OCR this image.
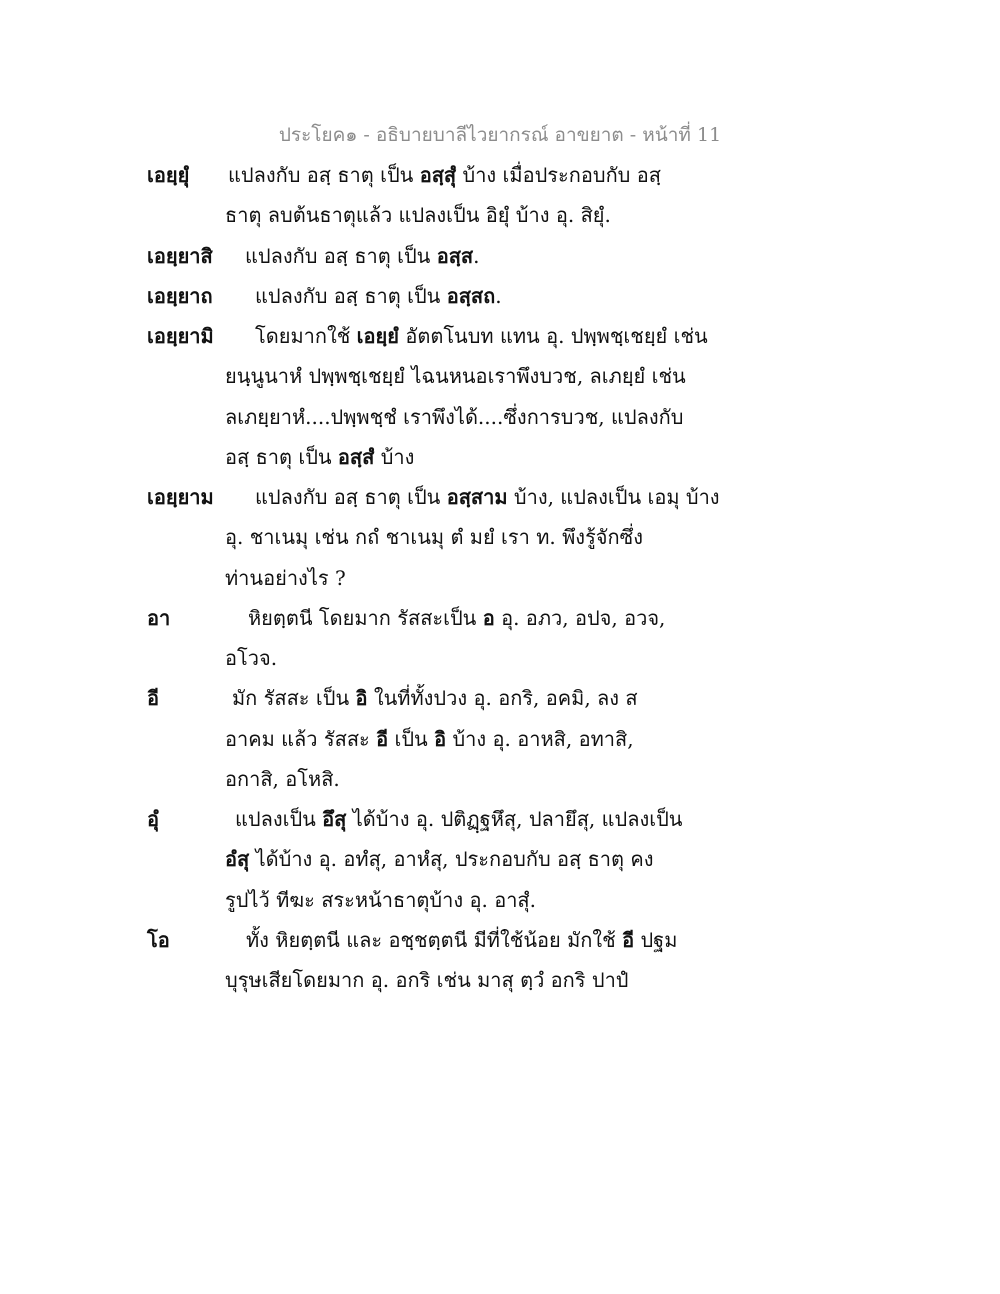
ประโยค๑ - อธิบายบาลีไวยากรณ์ อาขยาต - หน้าที่ 11
เอยฺยุํ	แปลงกับ อสฺ ธาตุ เป็น อสฺสุํ บ้าง เมื่อประกอบกับ อสฺ
ธาตุ ลบต้นธาตุแล้ว แปลงเป็น อิยุํ บ้าง อุ. สิยุํ.
เอยฺยาสิ	แปลงกับ อสฺ ธาตุ เป็น อสฺส.
เอยฺยาถ	แปลงกับ อสฺ ธาตุ เป็น อสฺสถ.
เอยฺยามิ	โดยมากใช้ เอยฺยํ อัตตโนบท แทน อุ. ปพฺพชฺเชยฺยํ เช่น
ยนฺนูนาหํ ปพฺพชฺเชยฺยํ ไฉนหนอเราพึงบวช, ลเภยฺยํ เช่น
ลเภยฺยาหํ....ปพฺพชฺชํ เราพึงได้....ซึ่งการบวช, แปลงกับ
อสฺ ธาตุ เป็น อสฺสํ บ้าง
เอยฺยาม	แปลงกับ อสฺ ธาตุ เป็น อสฺสาม บ้าง, แปลงเป็น เอมุ บ้าง
อุ. ชาเนมุ เช่น กถํ ชาเนมุ ตํ มยํ เรา ท. พึงรู้จักซึ่ง
ท่านอย่างไร ?
อา	หิยตฺตนี โดยมาก รัสสะเป็น อ อุ. อภว, อปจ, อวจ,
อโวจ.
อี	มัก รัสสะ เป็น อิ ในที่ทั้งปวง อุ. อกริ, อคมิ, ลง ส
อาคม แล้ว รัสสะ อี เป็น อิ บ้าง อุ. อาหสิ, อทาสิ,
อกาสิ, อโหสิ.
อุํ	แปลงเป็น อึสุ ได้บ้าง อุ. ปติฏฺฐหึสุ, ปลายึสุ, แปลงเป็น
อํสุ ได้บ้าง อุ. อทํสุ, อาหํสุ, ประกอบกับ อสฺ ธาตุ คง
รูปไว้ ทีฆะ สระหน้าธาตุบ้าง อุ. อาสุํ.
โอ	ทั้ง หิยตฺตนี และ อชฺชตฺตนี มีที่ใช้น้อย มักใช้ อี ปฐม
บุรุษเสียโดยมาก อุ. อกริ เช่น มาสุ ตฺวํ อกริ ปาปํ
